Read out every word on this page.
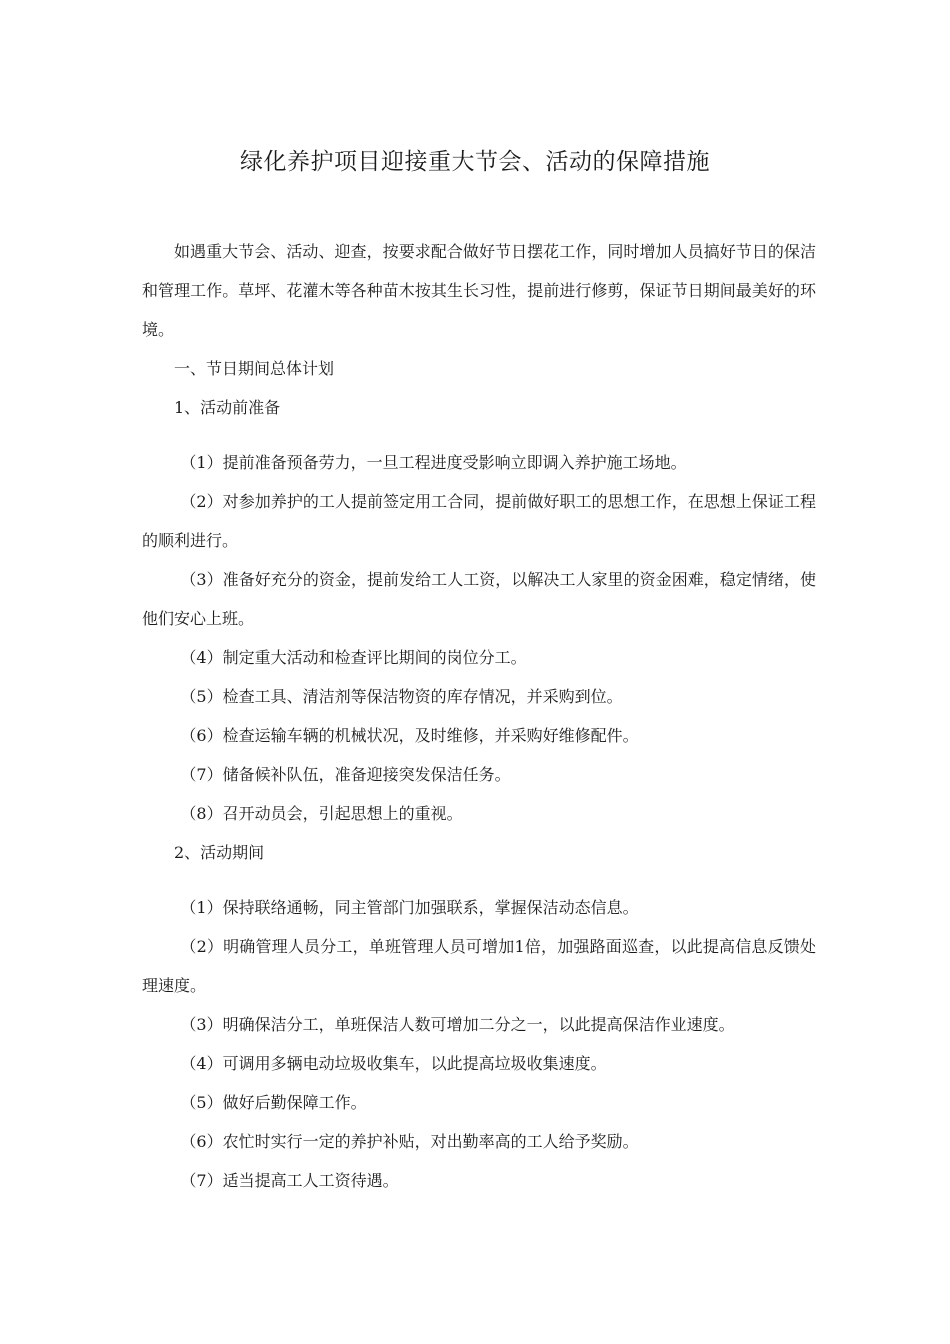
绿化养护项目迎接重大节会、活动的保障措施

如遇重大节会、活动、迎查，按要求配合做好节日摆花工作，同时增加人员搞好节日的保洁和管理工作。草坪、花灌木等各种苗木按其生长习性，提前进行修剪，保证节日期间最美好的环境。

一、节日期间总体计划

1、活动前准备

（1）提前准备预备劳力，一旦工程进度受影响立即调入养护施工场地。

（2）对参加养护的工人提前签定用工合同，提前做好职工的思想工作，在思想上保证工程的顺利进行。

（3）准备好充分的资金，提前发给工人工资，以解决工人家里的资金困难，稳定情绪，使他们安心上班。

（4）制定重大活动和检查评比期间的岗位分工。

（5）检查工具、清洁剂等保洁物资的库存情况，并采购到位。

（6）检查运输车辆的机械状况，及时维修，并采购好维修配件。

（7）储备候补队伍，准备迎接突发保洁任务。

（8）召开动员会，引起思想上的重视。

2、活动期间

（1）保持联络通畅，同主管部门加强联系，掌握保洁动态信息。

（2）明确管理人员分工，单班管理人员可增加1倍，加强路面巡查，以此提高信息反馈处理速度。

（3）明确保洁分工，单班保洁人数可增加二分之一，以此提高保洁作业速度。

（4）可调用多辆电动垃圾收集车，以此提高垃圾收集速度。

（5）做好后勤保障工作。

（6）农忙时实行一定的养护补贴，对出勤率高的工人给予奖励。

（7）适当提高工人工资待遇。
